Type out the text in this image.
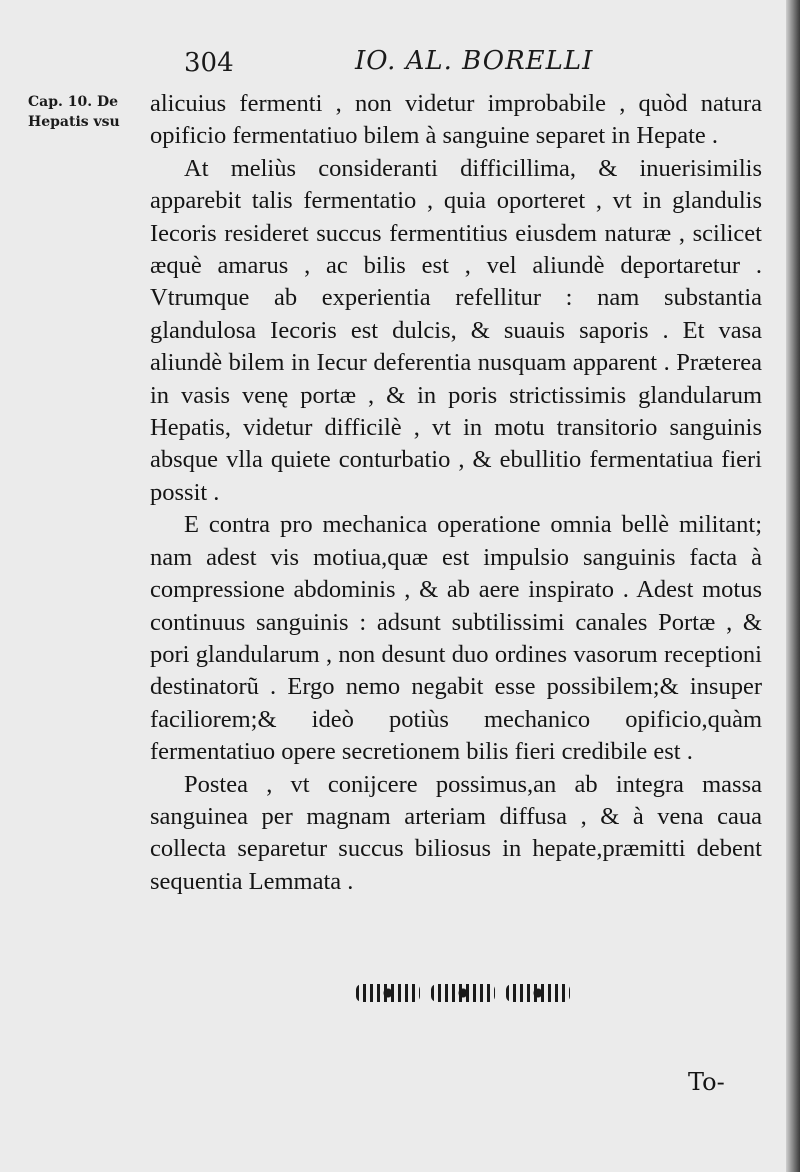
304	IO. AL. BORELLI
Cap. 10. De
Hepatis vsu

alicuius fermenti , non videtur improbabile , quòd natura opificio fermentatiuo bilem à sanguine separet in Hepate .

At meliùs consideranti difficillima, & inuerisimilis apparebit talis fermentatio , quia oporteret , vt in glandulis Iecoris resideret succus fermentitius eiusdem naturæ , scilicet æquè amarus , ac bilis est , vel aliundè deportaretur . Vtrumque ab experientia refellitur : nam substantia glandulosa Iecoris est dulcis, & suauis saporis . Et vasa aliundè bilem in Iecur deferentia nusquam apparent . Præterea in vasis venę portæ , & in poris strictissimis glandularum Hepatis, videtur difficilè , vt in motu transitorio sanguinis absque vlla quiete conturbatio , & ebullitio fermentatiua fieri possit .

E contra pro mechanica operatione omnia bellè militant; nam adest vis motiua,quæ est impulsio sanguinis facta à compressione abdominis , & ab aere inspirato . Adest motus continuus sanguinis : adsunt subtilissimi canales Portæ , & pori glandularum , non desunt duo ordines vasorum receptioni destinatorũ . Ergo nemo negabit esse possibilem;& insuper faciliorem;& ideò potiùs mechanico opificio,quàm fermentatiuo opere secretionem bilis fieri credibile est .

Postea , vt conijcere possimus,an ab integra massa sanguinea per magnam arteriam diffusa , & à vena caua collecta separetur succus biliosus in hepate,præmitti debent sequentia Lemmata .

To-
